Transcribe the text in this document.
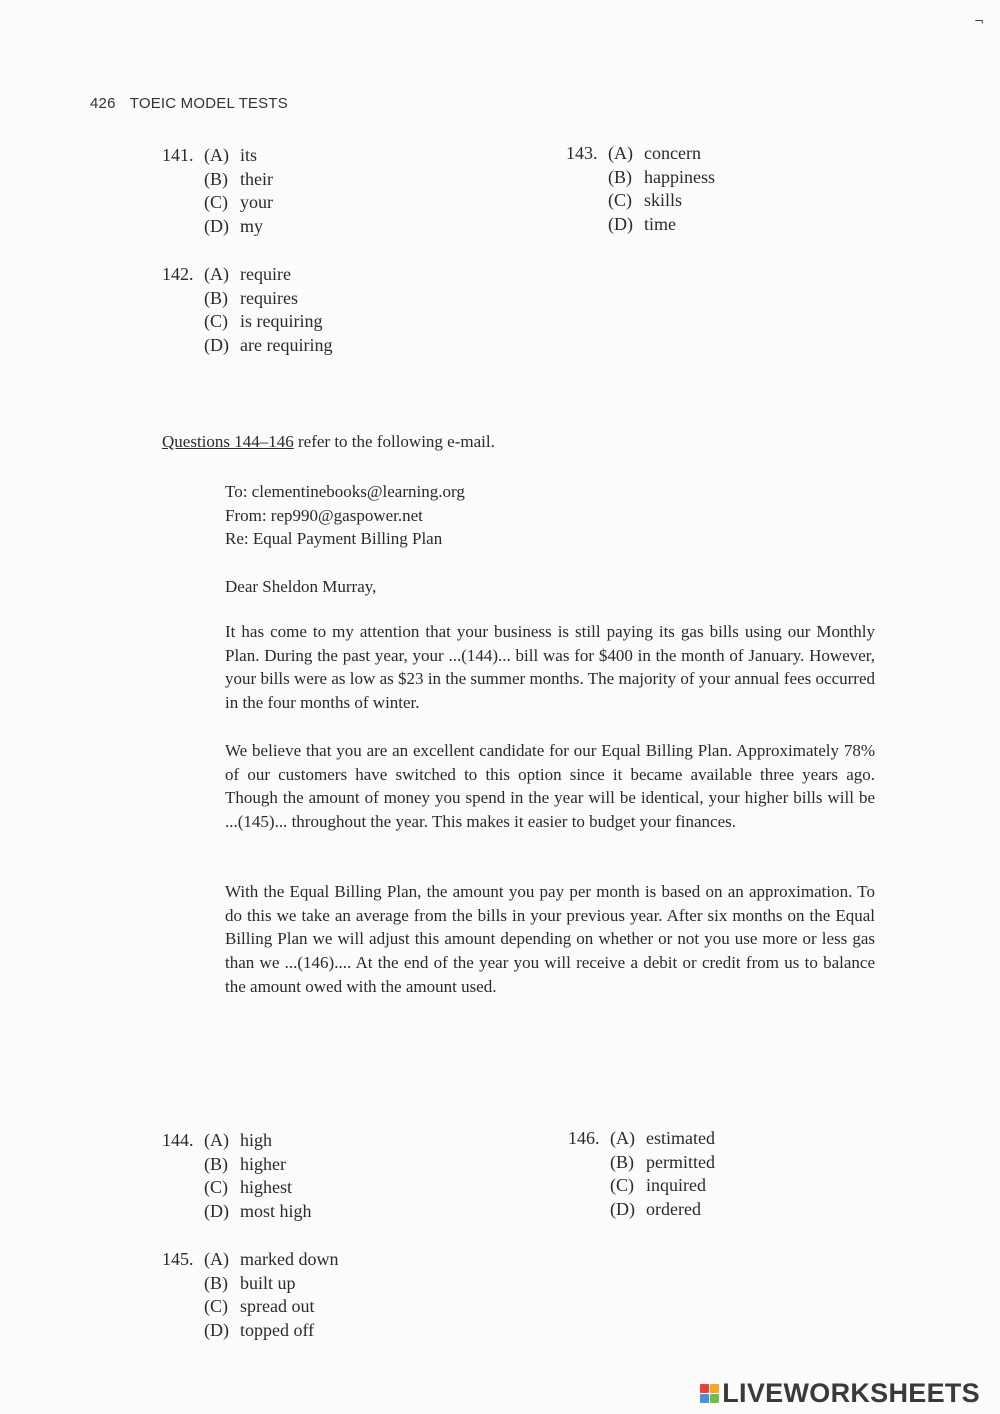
¬
426 TOEIC MODEL TESTS
141. (A) its
(B) their
(C) your
(D) my
142. (A) require
(B) requires
(C) is requiring
(D) are requiring
143. (A) concern
(B) happiness
(C) skills
(D) time
Questions 144–146 refer to the following e-mail.
To: clementinebooks@learning.org
From: rep990@gaspower.net
Re: Equal Payment Billing Plan
Dear Sheldon Murray,
It has come to my attention that your business is still paying its gas bills using our Monthly Plan. During the past year, your ...(144)... bill was for $400 in the month of January. However, your bills were as low as $23 in the summer months. The majority of your annual fees occurred in the four months of winter.
We believe that you are an excellent candidate for our Equal Billing Plan. Approximately 78% of our customers have switched to this option since it became available three years ago. Though the amount of money you spend in the year will be identical, your higher bills will be ...(145)... throughout the year. This makes it easier to budget your finances.
With the Equal Billing Plan, the amount you pay per month is based on an approximation. To do this we take an average from the bills in your previous year. After six months on the Equal Billing Plan we will adjust this amount depending on whether or not you use more or less gas than we ...(146).... At the end of the year you will receive a debit or credit from us to balance the amount owed with the amount used.
144. (A) high
(B) higher
(C) highest
(D) most high
145. (A) marked down
(B) built up
(C) spread out
(D) topped off
146. (A) estimated
(B) permitted
(C) inquired
(D) ordered
LIVEWORKSHEETS
